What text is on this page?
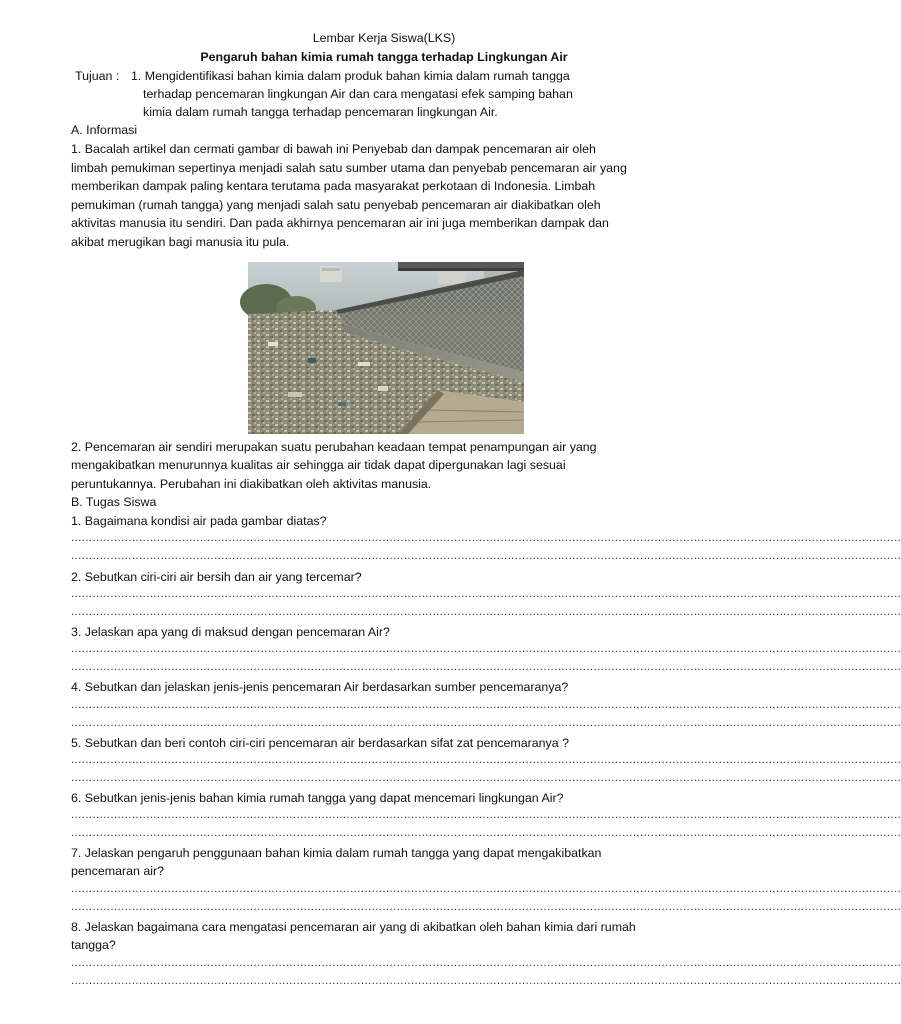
Lembar Kerja Siswa(LKS)
Pengaruh bahan kimia rumah tangga terhadap Lingkungan Air
Tujuan : 1. Mengidentifikasi bahan kimia dalam produk bahan kimia dalam rumah tangga
terhadap pencemaran lingkungan Air dan cara mengatasi efek samping bahan
kimia dalam rumah tangga terhadap pencemaran lingkungan Air.
A. Informasi
1. Bacalah artikel dan cermati gambar di bawah ini Penyebab dan dampak pencemaran air oleh
limbah pemukiman sepertinya menjadi salah satu sumber utama dan penyebab pencemaran air yang
memberikan dampak paling kentara terutama pada masyarakat perkotaan di Indonesia. Limbah
pemukiman (rumah tangga) yang menjadi salah satu penyebab pencemaran air diakibatkan oleh
aktivitas manusia itu sendiri. Dan pada akhirnya pencemaran air ini juga memberikan dampak dan
akibat merugikan bagi manusia itu pula.
2. Pencemaran air sendiri merupakan suatu perubahan keadaan tempat penampungan air yang
mengakibatkan menurunnya kualitas air sehingga air tidak dapat dipergunakan lagi sesuai
peruntukannya. Perubahan ini diakibatkan oleh aktivitas manusia.
B. Tugas Siswa
1. Bagaimana kondisi air pada gambar diatas?
........................................................................................................................................................................................................................................
........................................................................................................................................................................................................................................
2. Sebutkan ciri-ciri air bersih dan air yang tercemar?
........................................................................................................................................................................................................................................
........................................................................................................................................................................................................................................
3. Jelaskan apa yang di maksud dengan pencemaran Air?
........................................................................................................................................................................................................................................
........................................................................................................................................................................................................................................
4. Sebutkan dan jelaskan jenis-jenis pencemaran Air berdasarkan sumber pencemaranya?
........................................................................................................................................................................................................................................
........................................................................................................................................................................................................................................
5. Sebutkan dan beri contoh ciri-ciri pencemaran air berdasarkan sifat zat pencemaranya ?
........................................................................................................................................................................................................................................
........................................................................................................................................................................................................................................
6. Sebutkan jenis-jenis bahan kimia rumah tangga yang dapat mencemari lingkungan Air?
........................................................................................................................................................................................................................................
........................................................................................................................................................................................................................................
7. Jelaskan pengaruh penggunaan bahan kimia dalam rumah tangga yang dapat mengakibatkan
pencemaran air?
........................................................................................................................................................................................................................................
........................................................................................................................................................................................................................................
8. Jelaskan bagaimana cara mengatasi pencemaran air yang di akibatkan oleh bahan kimia dari rumah
tangga?
........................................................................................................................................................................................................................................
........................................................................................................................................................................................................................................
